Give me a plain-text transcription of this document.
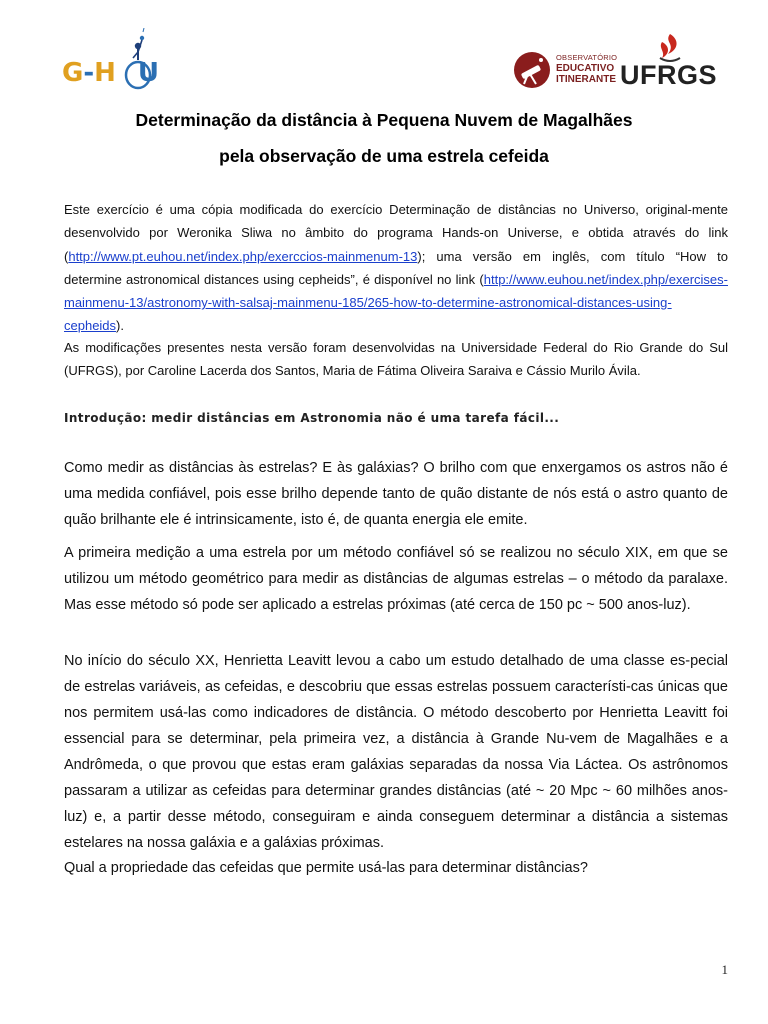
G-H U
OBSERVATÓRIO
EDUCATIVO
ITINERANTE UFRGS
Determinação da distância à Pequena Nuvem de Magalhães
pela observação de uma estrela cefeida
Este exercício é uma cópia modificada do exercício Determinação de distâncias no Universo, original-mente desenvolvido por Weronika Sliwa no âmbito do programa Hands-on Universe, e obtida através do link (http://www.pt.euhou.net/index.php/exerccios-mainmenum-13); uma versão em inglês, com título “How to determine astronomical distances using cepheids”, é disponível no link (http://www.euhou.net/index.php/exercises-mainmenu-13/astronomy-with-salsaj-mainmenu-185/265-how-to-determine-astronomical-distances-using-cepheids).
As modificações presentes nesta versão foram desenvolvidas na Universidade Federal do Rio Grande do Sul (UFRGS), por Caroline Lacerda dos Santos, Maria de Fátima Oliveira Saraiva e Cássio Murilo Ávila.
Introdução: medir distâncias em Astronomia não é uma tarefa fácil...
Como medir as distâncias às estrelas? E às galáxias? O brilho com que enxergamos os astros não é uma medida confiável, pois esse brilho depende tanto de quão distante de nós está o astro quanto de quão brilhante ele é intrinsicamente, isto é, de quanta energia ele emite.
A primeira medição a uma estrela por um método confiável só se realizou no século XIX, em que se utilizou um método geométrico para medir as distâncias de algumas estrelas – o método da paralaxe. Mas esse método só pode ser aplicado a estrelas próximas (até cerca de 150 pc ~ 500 anos-luz).
No início do século XX, Henrietta Leavitt levou a cabo um estudo detalhado de uma classe es-pecial de estrelas variáveis, as cefeidas, e descobriu que essas estrelas possuem característi-cas únicas que nos permitem usá-las como indicadores de distância. O método descoberto por Henrietta Leavitt foi essencial para se determinar, pela primeira vez, a distância à Grande Nu-vem de Magalhães e a Andrômeda, o que provou que estas eram galáxias separadas da nossa Via Láctea. Os astrônomos passaram a utilizar as cefeidas para determinar grandes distâncias (até ~ 20 Mpc ~ 60 milhões anos-luz) e, a partir desse método, conseguiram e ainda conseguem determinar a distância a sistemas estelares na nossa galáxia e a galáxias próximas.
Qual a propriedade das cefeidas que permite usá-las para determinar distâncias?
1
